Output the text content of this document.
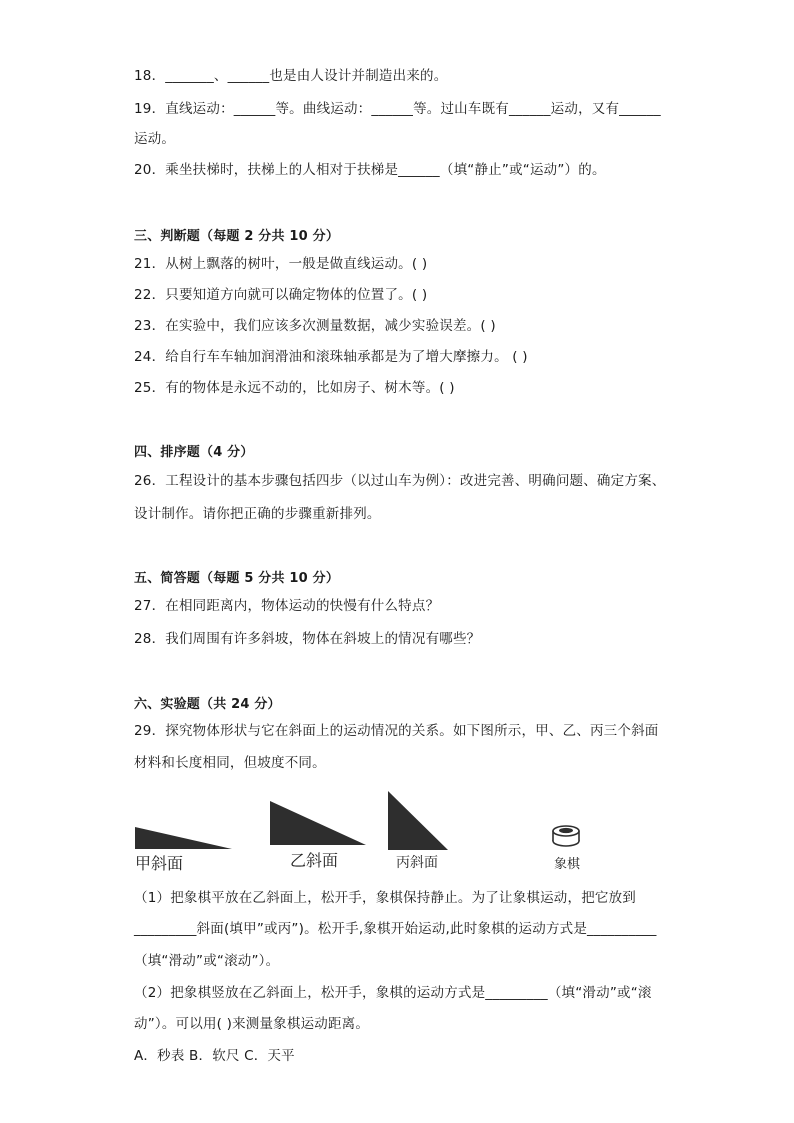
18．_______、______也是由人设计并制造出来的。
19．直线运动：______等。曲线运动：______等。过山车既有______运动，又有______
运动。
20．乘坐扶梯时，扶梯上的人相对于扶梯是______（填“静止”或“运动”）的。
三、判断题（每题 2 分共 10 分）
21．从树上飘落的树叶，一般是做直线运动。( )
22．只要知道方向就可以确定物体的位置了。( )
23．在实验中，我们应该多次测量数据，减少实验误差。( )
24．给自行车车轴加润滑油和滚珠轴承都是为了增大摩擦力。 ( )
25．有的物体是永远不动的，比如房子、树木等。( )
四、排序题（4 分）
26．工程设计的基本步骤包括四步（以过山车为例）：改进完善、明确问题、确定方案、
设计制作。请你把正确的步骤重新排列。
五、简答题（每题 5 分共 10 分）
27．在相同距离内，物体运动的快慢有什么特点？
28．我们周围有许多斜坡，物体在斜坡上的情况有哪些？
六、实验题（共 24 分）
29．探究物体形状与它在斜面上的运动情况的关系。如下图所示，甲、乙、丙三个斜面
材料和长度相同，但坡度不同。
甲斜面	乙斜面	丙斜面	象棋
（1）把象棋平放在乙斜面上，松开手，象棋保持静止。为了让象棋运动，把它放到
_________斜面(填甲”或丙”)。松开手,象棋开始运动,此时象棋的运动方式是__________
（填“滑动”或“滚动”）。
（2）把象棋竖放在乙斜面上，松开手，象棋的运动方式是_________（填“滑动”或“滚
动”）。可以用( )来测量象棋运动距离。
A．秒表 B．软尺 C．天平
